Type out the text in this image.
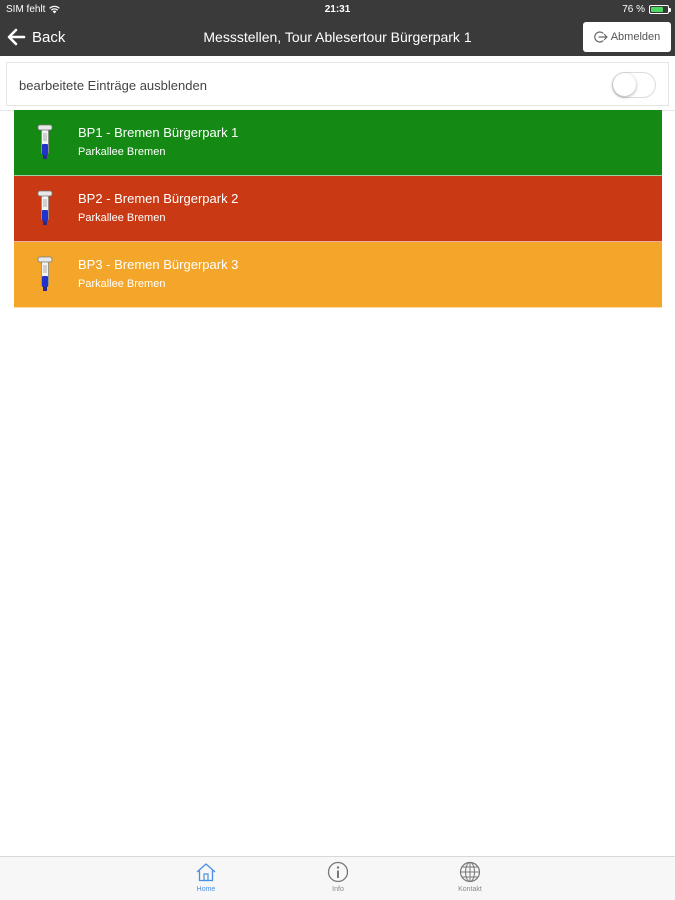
SIM fehlt	21:31	76 %
Back	Messstellen, Tour Ablesertour Bürgerpark 1	Abmelden
bearbeitete Einträge ausblenden
BP1 - Bremen Bürgerpark 1
Parkallee Bremen
BP2 - Bremen Bürgerpark 2
Parkallee Bremen
BP3 - Bremen Bürgerpark 3
Parkallee Bremen
Home	Info	Kontakt
